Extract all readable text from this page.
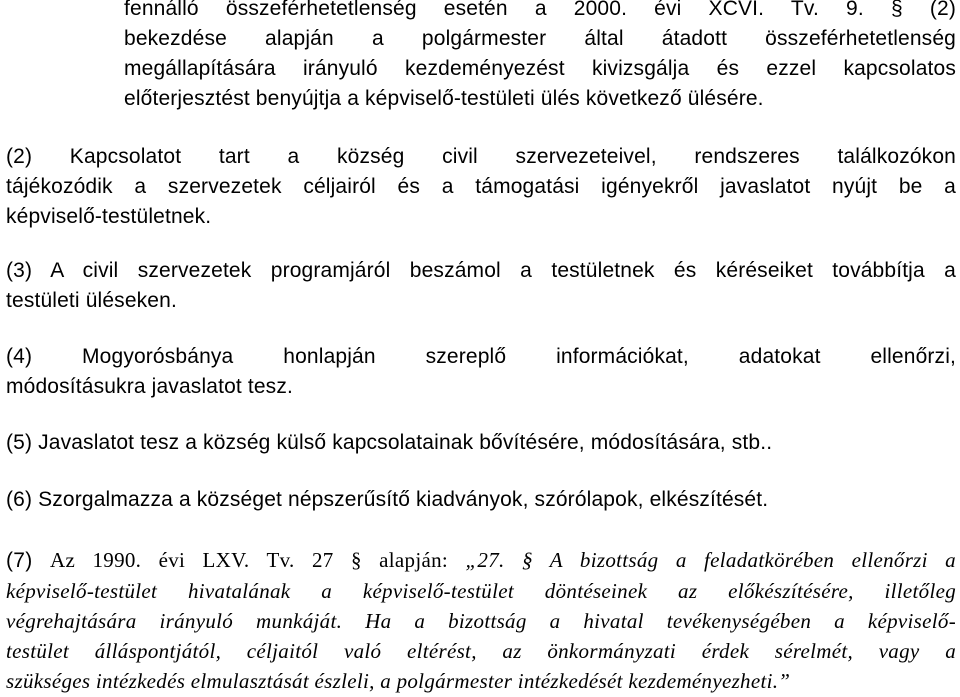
fennálló összeférhetetlenség esetén a 2000. évi XCVI. Tv. 9. § (2)
bekezdése alapján a polgármester által átadott összeférhetetlenség
megállapítására irányuló kezdeményezést kivizsgálja és ezzel kapcsolatos
előterjesztést benyújtja a képviselő-testületi ülés következő ülésére.

(2) Kapcsolatot tart a község civil szervezeteivel, rendszeres találkozókon
tájékozódik a szervezetek céljairól és a támogatási igényekről javaslatot nyújt be a
képviselő-testületnek.

(3) A civil szervezetek programjáról beszámol a testületnek és kéréseiket továbbítja a
testületi üléseken.

(4) Mogyorósbánya honlapján szereplő információkat, adatokat ellenőrzi,
módosításukra javaslatot tesz.

(5) Javaslatot tesz a község külső kapcsolatainak bővítésére, módosítására, stb..

(6) Szorgalmazza a községet népszerűsítő kiadványok, szórólapok, elkészítését.

(7) Az 1990. évi LXV. Tv. 27 § alapján: „27. § A bizottság a feladatkörében ellenőrzi a
képviselő-testület hivatalának a képviselő-testület döntéseinek az előkészítésére, illetőleg
végrehajtására irányuló munkáját. Ha a bizottság a hivatal tevékenységében a képviselő-
testület álláspontjától, céljaitól való eltérést, az önkormányzati érdek sérelmét, vagy a
szükséges intézkedés elmulasztását észleli, a polgármester intézkedését kezdeményezheti.”
